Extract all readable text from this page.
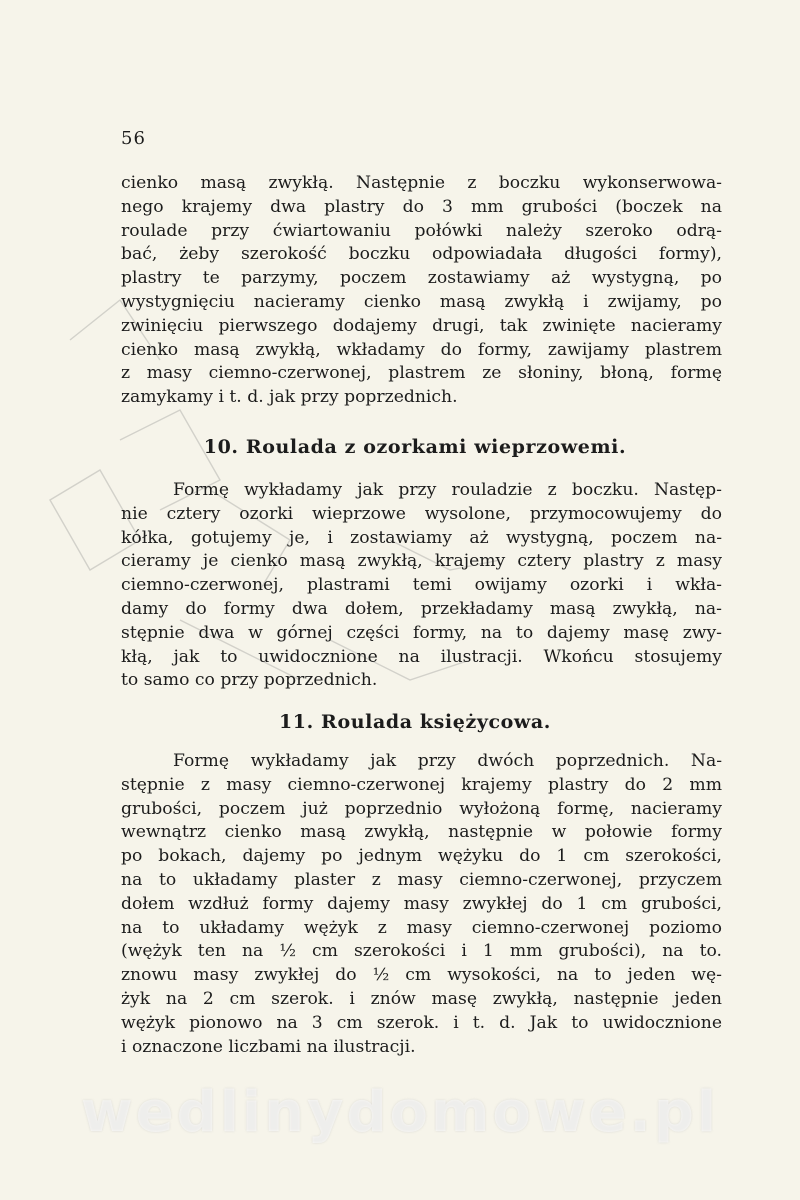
56
cienko masą zwykłą. Następnie z boczku wykonserwowa-
nego krajemy dwa plastry do 3 mm grubości (boczek na
roulade przy ćwiartowaniu połówki należy szeroko odrą-
bać, żeby szerokość boczku odpowiadała długości formy),
plastry te parzymy, poczem zostawiamy aż wystygną, po
wystygnięciu nacieramy cienko masą zwykłą i zwijamy, po
zwinięciu pierwszego dodajemy drugi, tak zwinięte nacieramy
cienko masą zwykłą, wkładamy do formy, zawijamy plastrem
z masy ciemno-czerwonej, plastrem ze słoniny, błoną, formę
zamykamy i t. d. jak przy poprzednich.
10. Roulada z ozorkami wieprzowemi.
Formę wykładamy jak przy rouladzie z boczku. Następ-
nie cztery ozorki wieprzowe wysolone, przymocowujemy do
kółka, gotujemy je, i zostawiamy aż wystygną, poczem na-
cieramy je cienko masą zwykłą, krajemy cztery plastry z masy
ciemno-czerwonej, plastrami temi owijamy ozorki i wkła-
damy do formy dwa dołem, przekładamy masą zwykłą, na-
stępnie dwa w górnej części formy, na to dajemy masę zwy-
kłą, jak to uwidocznione na ilustracji. Wkońcu stosujemy
to samo co przy poprzednich.
11. Roulada księżycowa.
Formę wykładamy jak przy dwóch poprzednich. Na-
stępnie z masy ciemno-czerwonej krajemy plastry do 2 mm
grubości, poczem już poprzednio wyłożoną formę, nacieramy
wewnątrz cienko masą zwykłą, następnie w połowie formy
po bokach, dajemy po jednym wężyku do 1 cm szerokości,
na to układamy plaster z masy ciemno-czerwonej, przyczem
dołem wzdłuż formy dajemy masy zwykłej do 1 cm grubości,
na to układamy wężyk z masy ciemno-czerwonej poziomo
(wężyk ten na ½ cm szerokości i 1 mm grubości), na to.
znowu masy zwykłej do ½ cm wysokości, na to jeden wę-
żyk na 2 cm szerok. i znów masę zwykłą, następnie jeden
wężyk pionowo na 3 cm szerok. i t. d. Jak to uwidocznione
i oznaczone liczbami na ilustracji.
wedlinydomowe.pl
